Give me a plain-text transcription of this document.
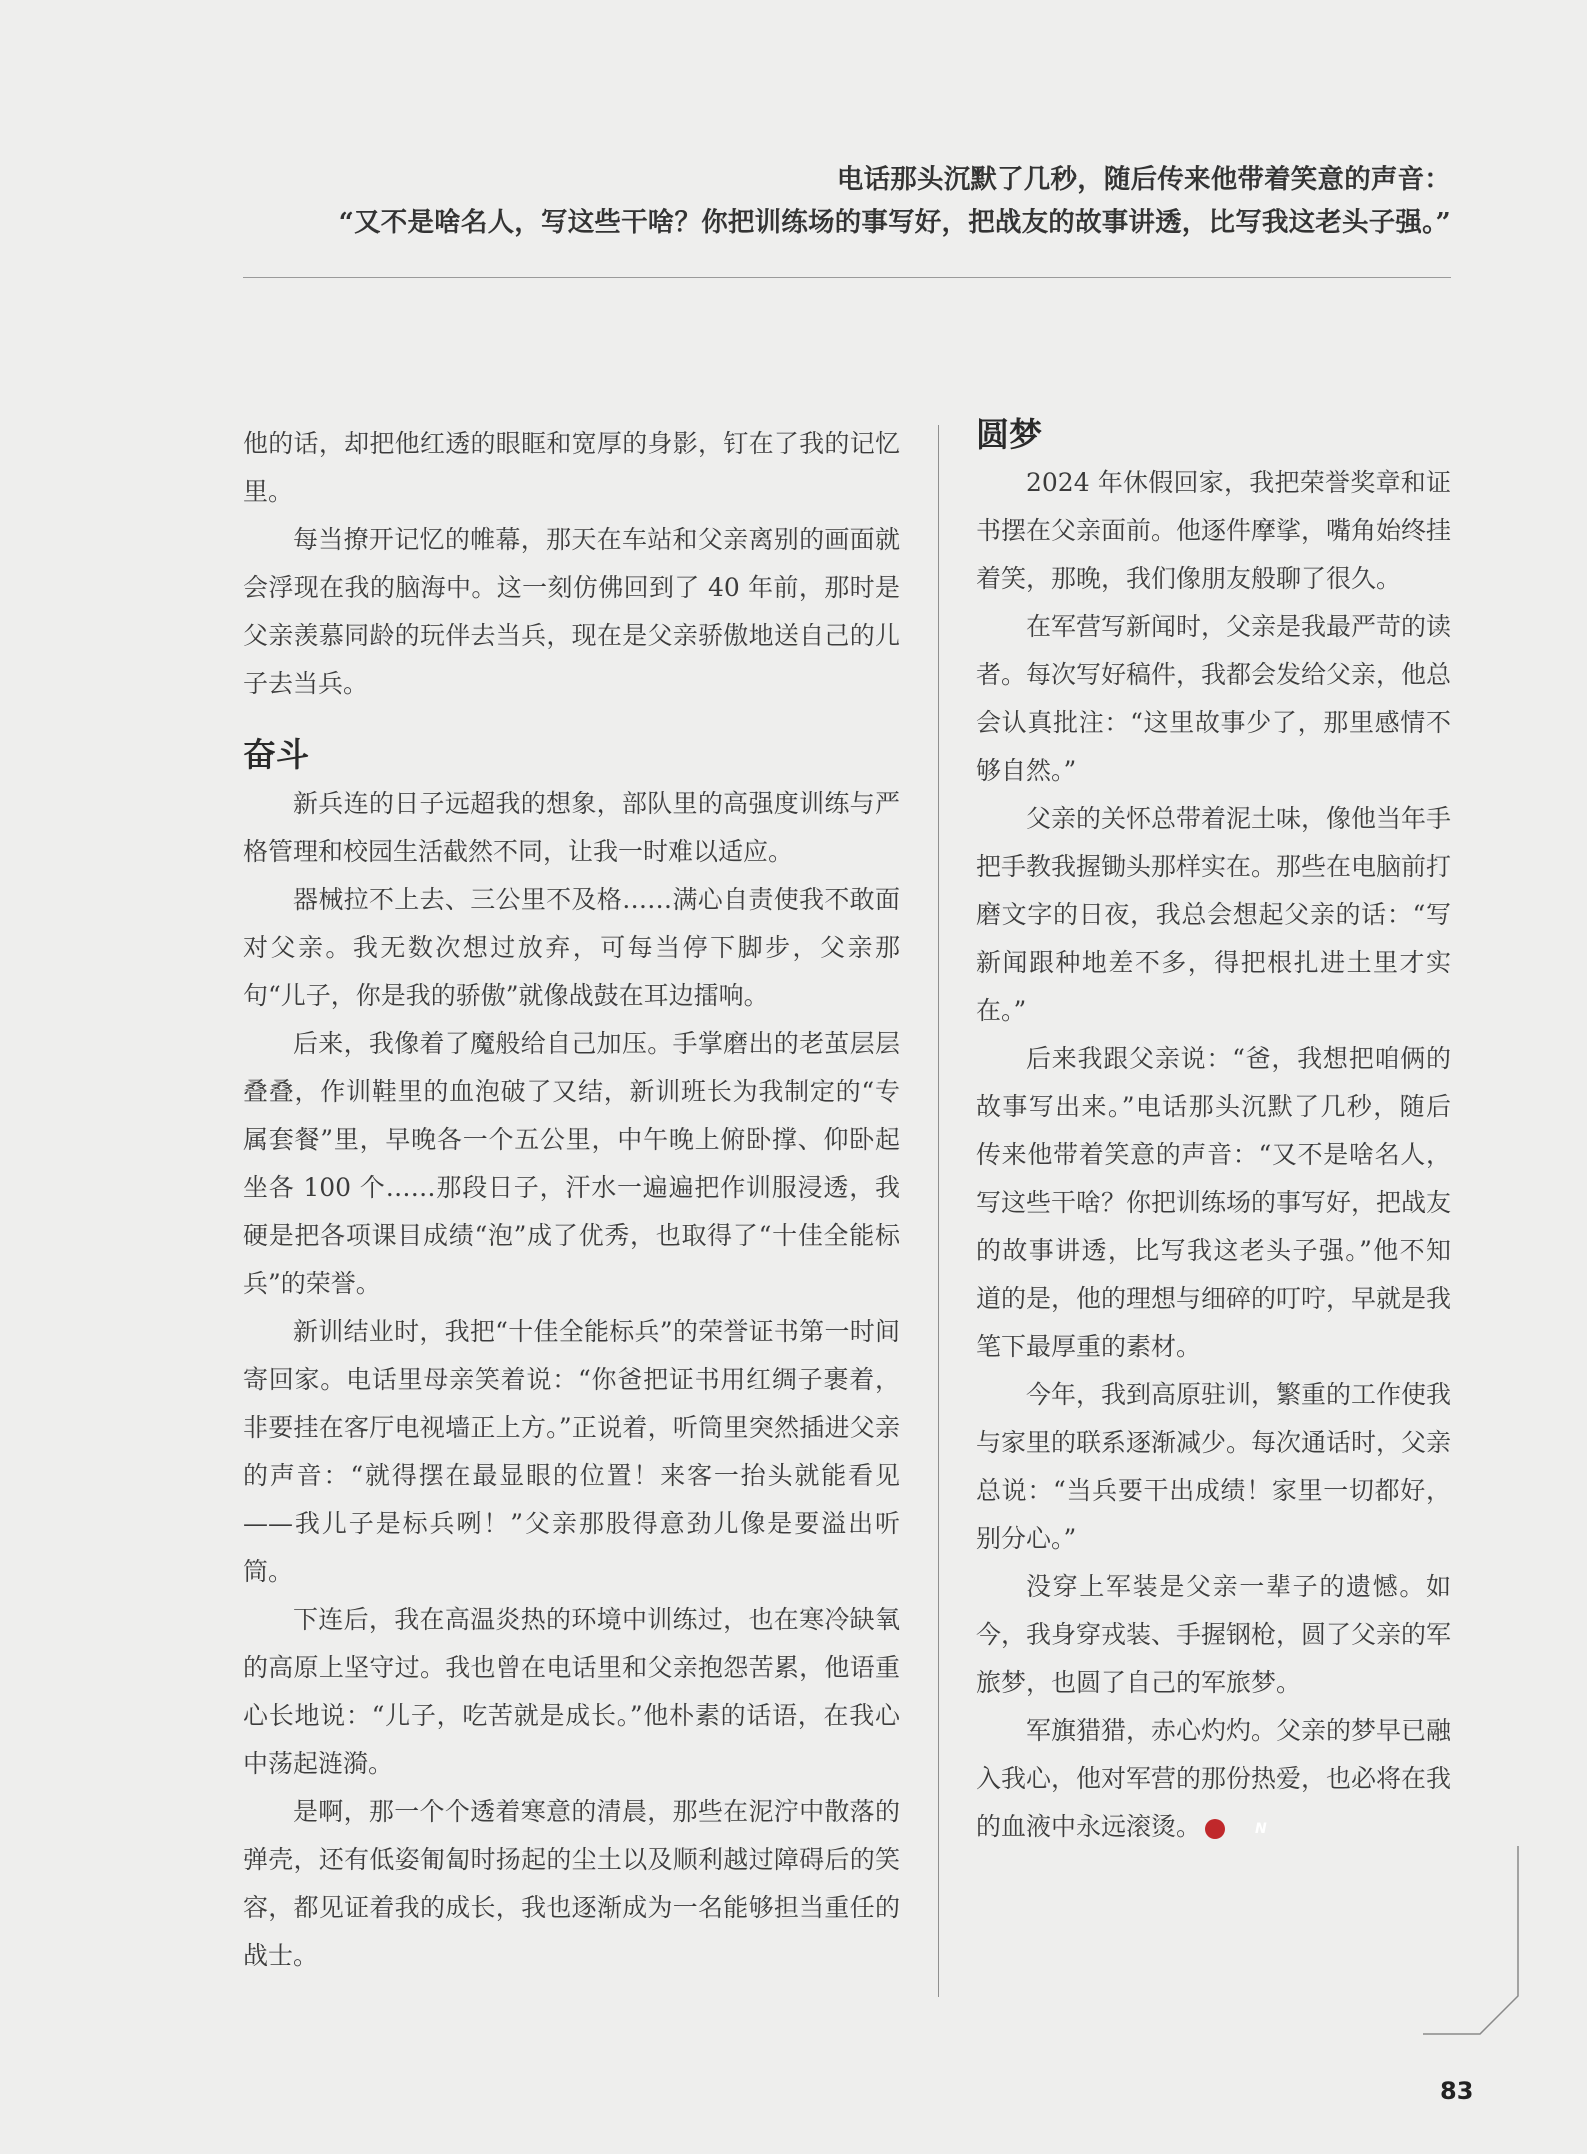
电话那头沉默了几秒，随后传来他带着笑意的声音：
“又不是啥名人，写这些干啥？你把训练场的事写好，把战友的故事讲透，比写我这老头子强。”

他的话，却把他红透的眼眶和宽厚的身影，钉在了我的记忆里。

每当撩开记忆的帷幕，那天在车站和父亲离别的画面就会浮现在我的脑海中。这一刻仿佛回到了 40 年前，那时是父亲羡慕同龄的玩伴去当兵，现在是父亲骄傲地送自己的儿子去当兵。

奋斗

新兵连的日子远超我的想象，部队里的高强度训练与严格管理和校园生活截然不同，让我一时难以适应。

器械拉不上去、三公里不及格……满心自责使我不敢面对父亲。我无数次想过放弃，可每当停下脚步，父亲那句“儿子，你是我的骄傲”就像战鼓在耳边擂响。

后来，我像着了魔般给自己加压。手掌磨出的老茧层层叠叠，作训鞋里的血泡破了又结，新训班长为我制定的“专属套餐”里，早晚各一个五公里，中午晚上俯卧撑、仰卧起坐各 100 个……那段日子，汗水一遍遍把作训服浸透，我硬是把各项课目成绩“泡”成了优秀，也取得了“十佳全能标兵”的荣誉。

新训结业时，我把“十佳全能标兵”的荣誉证书第一时间寄回家。电话里母亲笑着说：“你爸把证书用红绸子裹着，非要挂在客厅电视墙正上方。”正说着，听筒里突然插进父亲的声音：“就得摆在最显眼的位置！来客一抬头就能看见——我儿子是标兵咧！”父亲那股得意劲儿像是要溢出听筒。

下连后，我在高温炎热的环境中训练过，也在寒冷缺氧的高原上坚守过。我也曾在电话里和父亲抱怨苦累，他语重心长地说：“儿子，吃苦就是成长。”他朴素的话语，在我心中荡起涟漪。

是啊，那一个个透着寒意的清晨，那些在泥泞中散落的弹壳，还有低姿匍匐时扬起的尘土以及顺利越过障碍后的笑容，都见证着我的成长，我也逐渐成为一名能够担当重任的战士。

圆梦

2024 年休假回家，我把荣誉奖章和证书摆在父亲面前。他逐件摩挲，嘴角始终挂着笑，那晚，我们像朋友般聊了很久。

在军营写新闻时，父亲是我最严苛的读者。每次写好稿件，我都会发给父亲，他总会认真批注：“这里故事少了，那里感情不够自然。”

父亲的关怀总带着泥土味，像他当年手把手教我握锄头那样实在。那些在电脑前打磨文字的日夜，我总会想起父亲的话：“写新闻跟种地差不多，得把根扎进土里才实在。”

后来我跟父亲说：“爸，我想把咱俩的故事写出来。”电话那头沉默了几秒，随后传来他带着笑意的声音：“又不是啥名人，写这些干啥？你把训练场的事写好，把战友的故事讲透，比写我这老头子强。”他不知道的是，他的理想与细碎的叮咛，早就是我笔下最厚重的素材。

今年，我到高原驻训，繁重的工作使我与家里的联系逐渐减少。每次通话时，父亲总说：“当兵要干出成绩！家里一切都好，别分心。”

没穿上军装是父亲一辈子的遗憾。如今，我身穿戎装、手握钢枪，圆了父亲的军旅梦，也圆了自己的军旅梦。

军旗猎猎，赤心灼灼。父亲的梦早已融入我心，他对军营的那份热爱，也必将在我的血液中永远滚烫。	N

83
